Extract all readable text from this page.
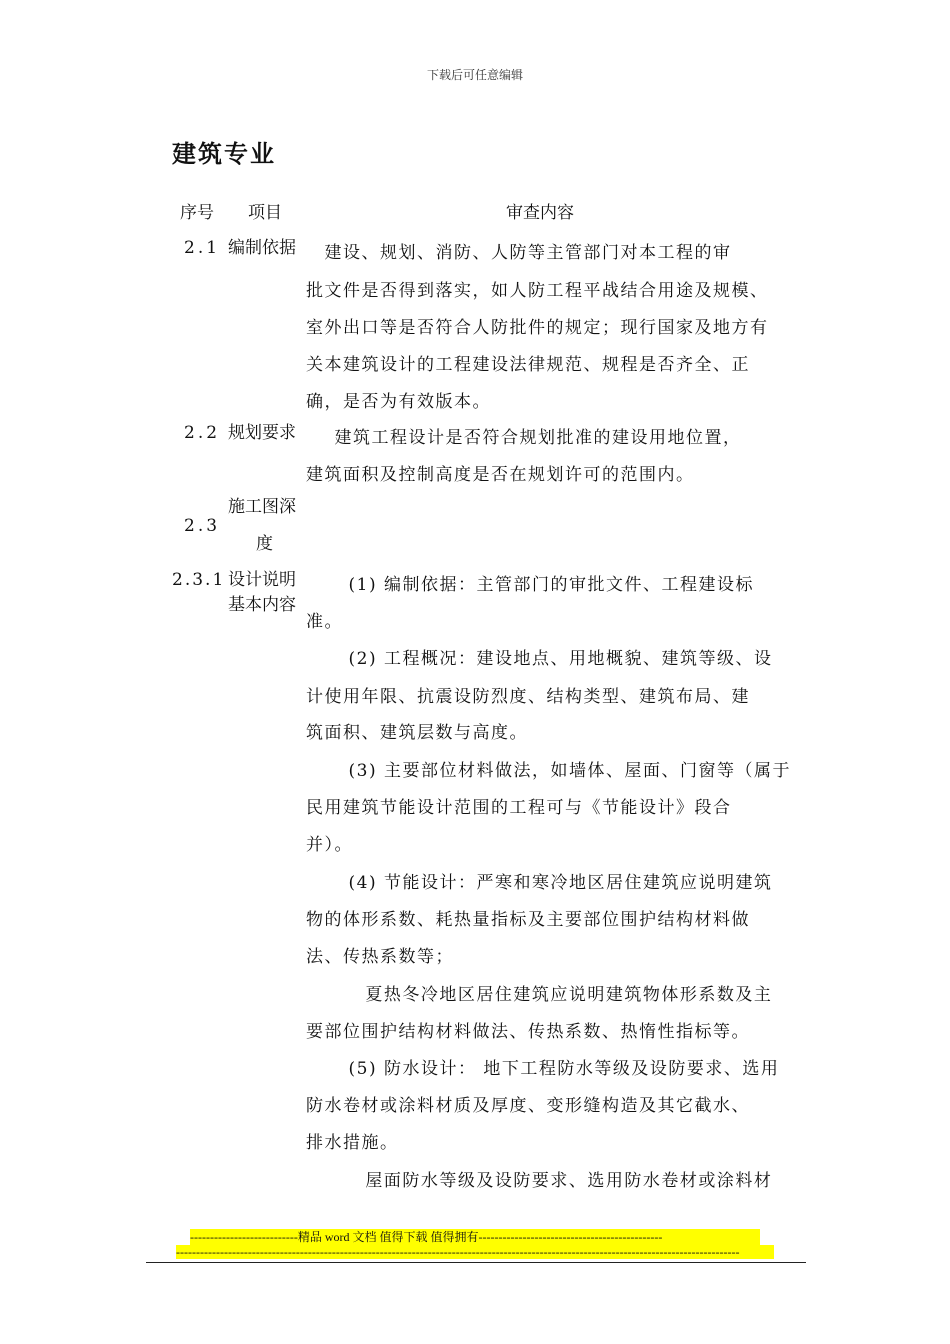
下载后可任意编辑
建筑专业
序号 项目	审查内容
2.1 编制依据 　建设、规划、消防、人防等主管部门对本工程的审
批文件是否得到落实，如人防工程平战结合用途及规模、
室外出口等是否符合人防批件的规定；现行国家及地方有
关本建筑设计的工程建设法律规范、规程是否齐全、正
确，是否为有效版本。
2.2 规划要求 　建筑工程设计是否符合规划批准的建设用地位置，
建筑面积及控制高度是否在规划许可的范围内。
施工图深
2.3
度
2.3.1 设计说明
基本内容
　(1) 编制依据：主管部门的审批文件、工程建设标
准。
　(2) 工程概况：建设地点、用地概貌、建筑等级、设
计使用年限、抗震设防烈度、结构类型、建筑布局、建
筑面积、建筑层数与高度。
　(3) 主要部位材料做法，如墙体、屋面、门窗等（属于
民用建筑节能设计范围的工程可与《节能设计》段合
并）。
　(4) 节能设计：严寒和寒冷地区居住建筑应说明建筑
物的体形系数、耗热量指标及主要部位围护结构材料做
法、传热系数等；
　 夏热冬冷地区居住建筑应说明建筑物体形系数及主
要部位围护结构材料做法、传热系数、热惰性指标等。
　(5) 防水设计： 地下工程防水等级及设防要求、选用
防水卷材或涂料材质及厚度、变形缝构造及其它截水、
排水措施。
　 屋面防水等级及设防要求、选用防水卷材或涂料材
---------------------------精品 word 文档 值得下载 值得拥有----------------------------------------------
---------------------------------------------------------------------------------------------------------------------------------------------
